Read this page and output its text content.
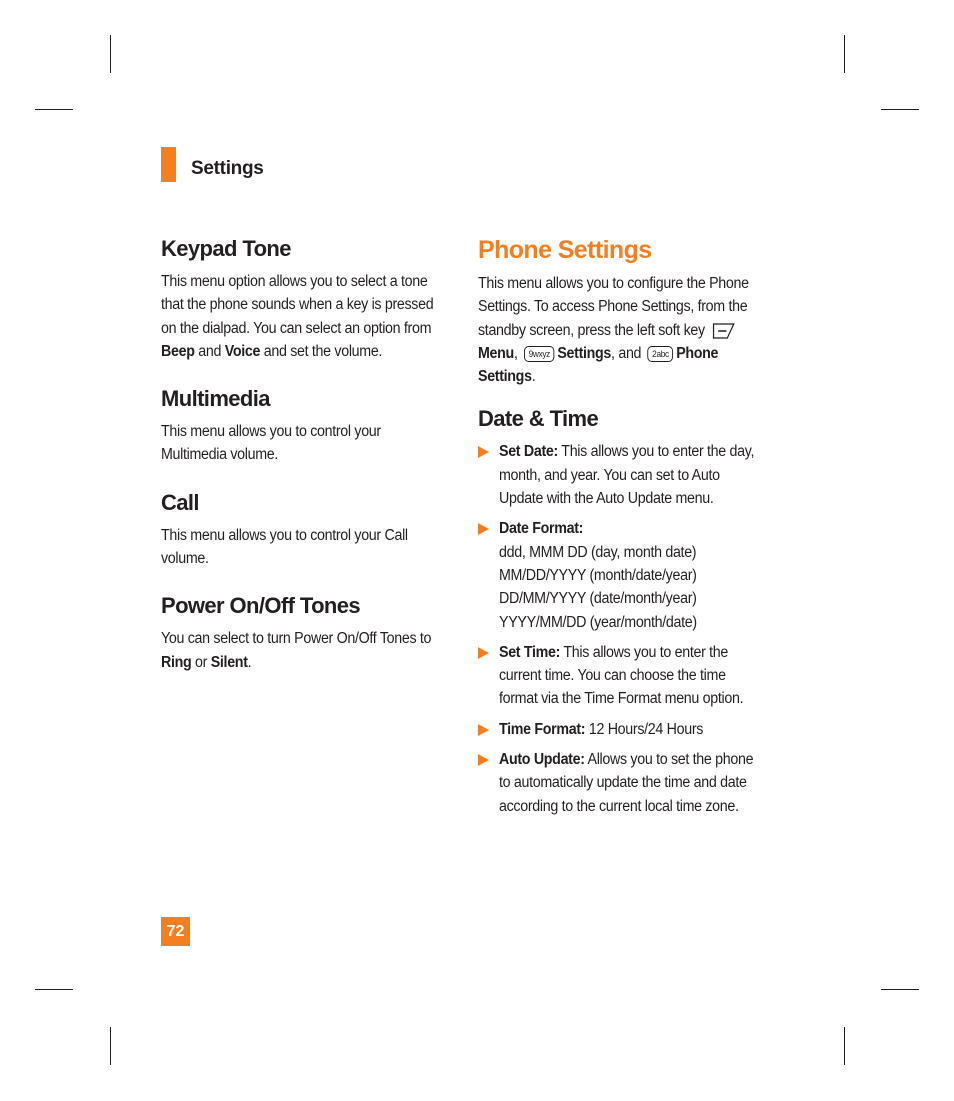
Settings
Keypad Tone

This menu option allows you to select a tone that the phone sounds when a key is pressed on the dialpad. You can select an option from Beep and Voice and set the volume.

Multimedia

This menu allows you to control your Multimedia volume.

Call

This menu allows you to control your Call volume.

Power On/Off Tones

You can select to turn Power On/Off Tones to Ring or Silent.

Phone Settings

This menu allows you to configure the Phone Settings. To access Phone Settings, from the standby screen, press the left soft key Menu, 9wxyz Settings, and 2abc Phone Settings.

Date & Time

Set Date: This allows you to enter the day, month, and year. You can set to Auto Update with the Auto Update menu.

Date Format:
ddd, MMM DD (day, month date)
MM/DD/YYYY (month/date/year)
DD/MM/YYYY (date/month/year)
YYYY/MM/DD (year/month/date)

Set Time: This allows you to enter the current time. You can choose the time format via the Time Format menu option.

Time Format: 12 Hours/24 Hours

Auto Update: Allows you to set the phone to automatically update the time and date according to the current local time zone.

72
